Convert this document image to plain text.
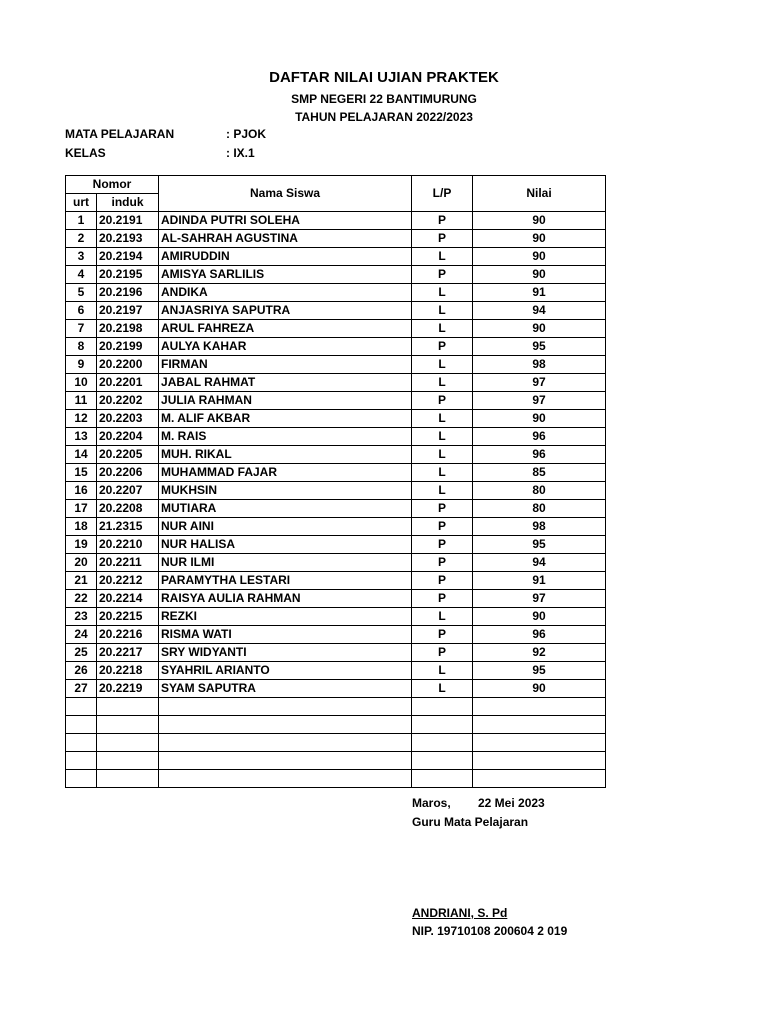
DAFTAR NILAI UJIAN PRAKTEK
SMP NEGERI 22 BANTIMURUNG
TAHUN PELAJARAN 2022/2023
MATA PELAJARAN	: PJOK
KELAS	: IX.1
Nomor		Nama Siswa	L/P	Nilai
urt	induk			
1	20.2191	ADINDA PUTRI SOLEHA	P	90
2	20.2193	AL-SAHRAH AGUSTINA	P	90
3	20.2194	AMIRUDDIN	L	90
4	20.2195	AMISYA SARLILIS	P	90
5	20.2196	ANDIKA	L	91
6	20.2197	ANJASRIYA SAPUTRA	L	94
7	20.2198	ARUL FAHREZA	L	90
8	20.2199	AULYA KAHAR	P	95
9	20.2200	FIRMAN	L	98
10	20.2201	JABAL RAHMAT	L	97
11	20.2202	JULIA RAHMAN	P	97
12	20.2203	M. ALIF AKBAR	L	90
13	20.2204	M. RAIS	L	96
14	20.2205	MUH. RIKAL	L	96
15	20.2206	MUHAMMAD FAJAR	L	85
16	20.2207	MUKHSIN	L	80
17	20.2208	MUTIARA	P	80
18	21.2315	NUR AINI	P	98
19	20.2210	NUR HALISA	P	95
20	20.2211	NUR ILMI	P	94
21	20.2212	PARAMYTHA LESTARI	P	91
22	20.2214	RAISYA AULIA RAHMAN	P	97
23	20.2215	REZKI	L	90
24	20.2216	RISMA WATI	P	96
25	20.2217	SRY WIDYANTI	P	92
26	20.2218	SYAHRIL ARIANTO	L	95
27	20.2219	SYAM SAPUTRA	L	90

Maros, 22 Mei 2023
Guru Mata Pelajaran
ANDRIANI, S. Pd
NIP. 19710108 200604 2 019
